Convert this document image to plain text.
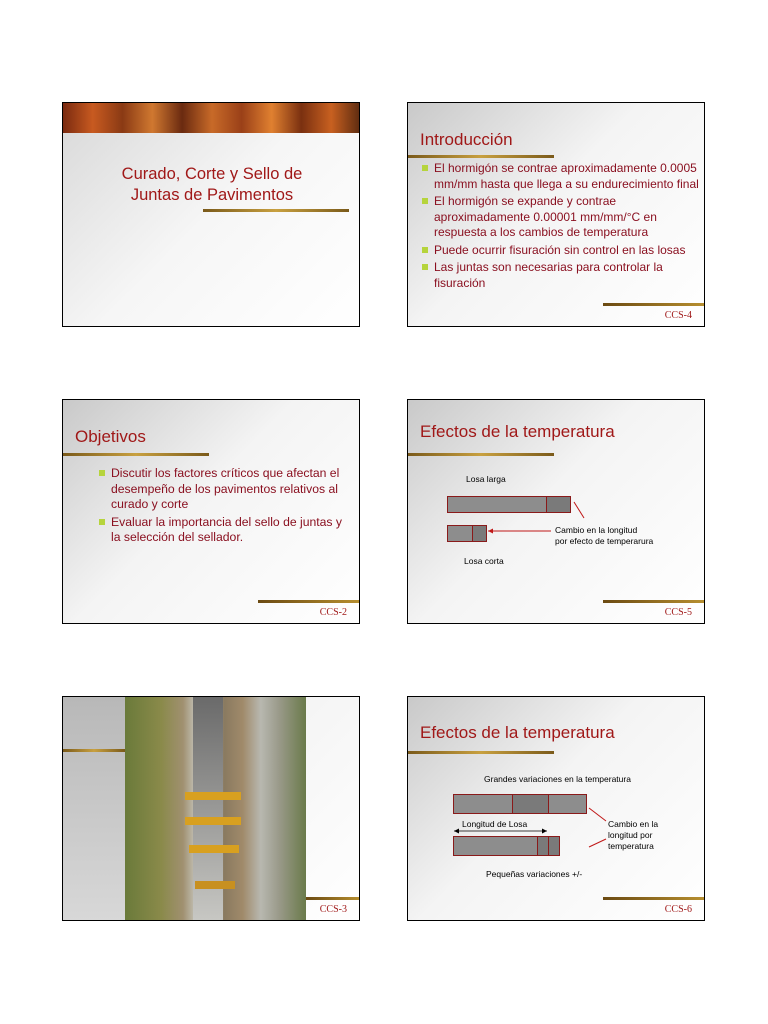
Curado, Corte y Sello de
Juntas de Pavimentos
Objetivos
Discutir los factores críticos que afectan el desempeño de los pavimentos relativos al curado y corte
Evaluar la importancia del sello de juntas y la selección del sellador.
CCS-2
CCS-3
Introducción
El hormigón se contrae aproximadamente 0.0005 mm/mm hasta que llega a su endurecimiento final
El hormigón se expande y contrae aproximadamente 0.00001 mm/mm/°C en respuesta a los cambios de temperatura
Puede ocurrir fisuración sin control en las losas
Las juntas son necesarias para controlar la fisuración
CCS-4
Efectos de la temperatura
Losa larga
Cambio en la longitud
por efecto de temperarura
Losa corta
CCS-5
Efectos de la temperatura
Grandes variaciones en la temperatura
Longitud de Losa	Cambio en la
longitud por
temperatura
Pequeñas variaciones +/-
CCS-6
